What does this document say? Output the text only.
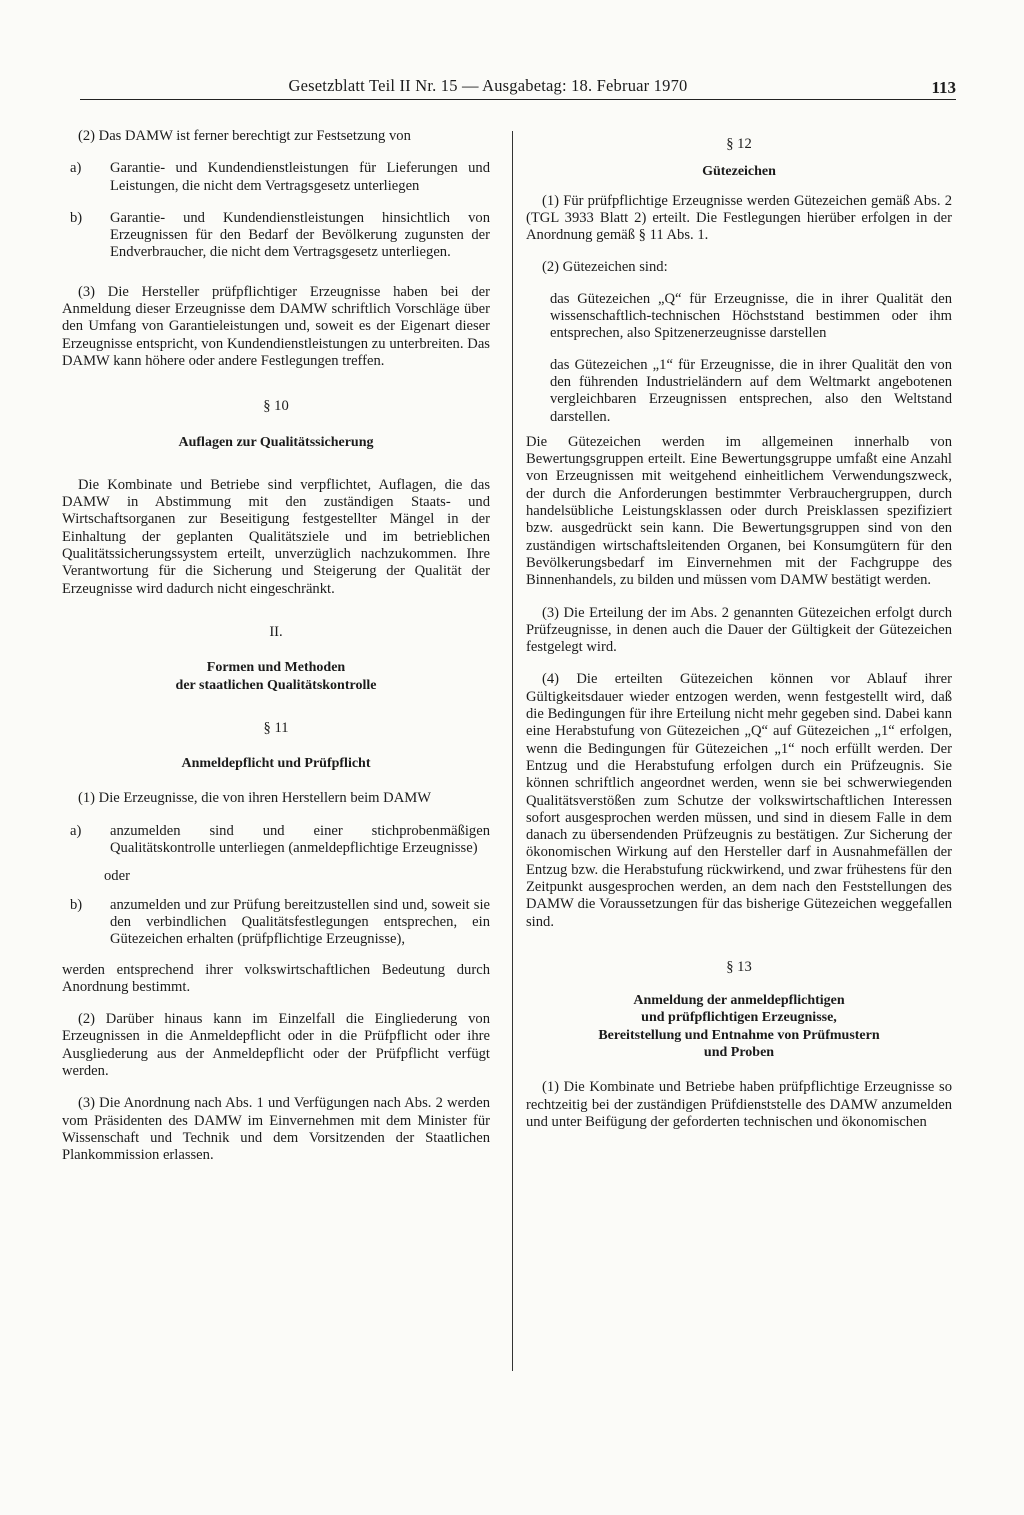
Gesetzblatt Teil II Nr. 15 — Ausgabetag: 18. Februar 1970	113

(2) Das DAMW ist ferner berechtigt zur Festsetzung von

a)	Garantie- und Kundendienstleistungen für Lieferungen und Leistungen, die nicht dem Vertragsgesetz unterliegen
b)	Garantie- und Kundendienstleistungen hinsichtlich von Erzeugnissen für den Bedarf der Bevölkerung zugunsten der Endverbraucher, die nicht dem Vertragsgesetz unterliegen.

(3) Die Hersteller prüfpflichtiger Erzeugnisse haben bei der Anmeldung dieser Erzeugnisse dem DAMW schriftlich Vorschläge über den Umfang von Garantieleistungen und, soweit es der Eigenart dieser Erzeugnisse entspricht, von Kundendienstleistungen zu unterbreiten. Das DAMW kann höhere oder andere Festlegungen treffen.

§ 10

Auflagen zur Qualitätssicherung

Die Kombinate und Betriebe sind verpflichtet, Auflagen, die das DAMW in Abstimmung mit den zuständigen Staats- und Wirtschaftsorganen zur Beseitigung festgestellter Mängel in der Einhaltung der geplanten Qualitätsziele und im betrieblichen Qualitätssicherungssystem erteilt, unverzüglich nachzukommen. Ihre Verantwortung für die Sicherung und Steigerung der Qualität der Erzeugnisse wird dadurch nicht eingeschränkt.

II.

Formen und Methoden

der staatlichen Qualitätskontrolle

§ 11

Anmeldepflicht und Prüfpflicht

(1) Die Erzeugnisse, die von ihren Herstellern beim DAMW

a)	anzumelden sind und einer stichprobenmäßigen Qualitätskontrolle unterliegen (anmeldepflichtige Erzeugnisse)

oder

b)	anzumelden und zur Prüfung bereitzustellen sind und, soweit sie den verbindlichen Qualitätsfestlegungen entsprechen, ein Gütezeichen erhalten (prüfpflichtige Erzeugnisse),

werden entsprechend ihrer volkswirtschaftlichen Bedeutung durch Anordnung bestimmt.

(2) Darüber hinaus kann im Einzelfall die Eingliederung von Erzeugnissen in die Anmeldepflicht oder in die Prüfpflicht oder ihre Ausgliederung aus der Anmeldepflicht oder der Prüfpflicht verfügt werden.

(3) Die Anordnung nach Abs. 1 und Verfügungen nach Abs. 2 werden vom Präsidenten des DAMW im Einvernehmen mit dem Minister für Wissenschaft und Technik und dem Vorsitzenden der Staatlichen Plankommission erlassen.

§ 12

Gütezeichen

(1) Für prüfpflichtige Erzeugnisse werden Gütezeichen gemäß Abs. 2 (TGL 3933 Blatt 2) erteilt. Die Festlegungen hierüber erfolgen in der Anordnung gemäß § 11 Abs. 1.

(2) Gütezeichen sind:

das Gütezeichen „Q“ für Erzeugnisse, die in ihrer Qualität den wissenschaftlich-technischen Höchststand bestimmen oder ihm entsprechen, also Spitzenerzeugnisse darstellen

das Gütezeichen „1“ für Erzeugnisse, die in ihrer Qualität den von den führenden Industrieländern auf dem Weltmarkt angebotenen vergleichbaren Erzeugnissen entsprechen, also den Weltstand darstellen.

Die Gütezeichen werden im allgemeinen innerhalb von Bewertungsgruppen erteilt. Eine Bewertungsgruppe umfaßt eine Anzahl von Erzeugnissen mit weitgehend einheitlichem Verwendungszweck, der durch die Anforderungen bestimmter Verbrauchergruppen, durch handelsübliche Leistungsklassen oder durch Preisklassen spezifiziert bzw. ausgedrückt sein kann. Die Bewertungsgruppen sind von den zuständigen wirtschaftsleitenden Organen, bei Konsumgütern für den Bevölkerungsbedarf im Einvernehmen mit der Fachgruppe des Binnenhandels, zu bilden und müssen vom DAMW bestätigt werden.

(3) Die Erteilung der im Abs. 2 genannten Gütezeichen erfolgt durch Prüfzeugnisse, in denen auch die Dauer der Gültigkeit der Gütezeichen festgelegt wird.

(4) Die erteilten Gütezeichen können vor Ablauf ihrer Gültigkeitsdauer wieder entzogen werden, wenn festgestellt wird, daß die Bedingungen für ihre Erteilung nicht mehr gegeben sind. Dabei kann eine Herabstufung von Gütezeichen „Q“ auf Gütezeichen „1“ erfolgen, wenn die Bedingungen für Gütezeichen „1“ noch erfüllt werden. Der Entzug und die Herabstufung erfolgen durch ein Prüfzeugnis. Sie können schriftlich angeordnet werden, wenn sie bei schwerwiegenden Qualitätsverstößen zum Schutze der volkswirtschaftlichen Interessen sofort ausgesprochen werden müssen, und sind in diesem Falle in dem danach zu übersendenden Prüfzeugnis zu bestätigen. Zur Sicherung der ökonomischen Wirkung auf den Hersteller darf in Ausnahmefällen der Entzug bzw. die Herabstufung rückwirkend, und zwar frühestens für den Zeitpunkt ausgesprochen werden, an dem nach den Feststellungen des DAMW die Voraussetzungen für das bisherige Gütezeichen weggefallen sind.

§ 13

Anmeldung der anmeldepflichtigen

und prüfpflichtigen Erzeugnisse,

Bereitstellung und Entnahme von Prüfmustern

und Proben

(1) Die Kombinate und Betriebe haben prüfpflichtige Erzeugnisse so rechtzeitig bei der zuständigen Prüfdienststelle des DAMW anzumelden und unter Beifügung der geforderten technischen und ökonomischen
